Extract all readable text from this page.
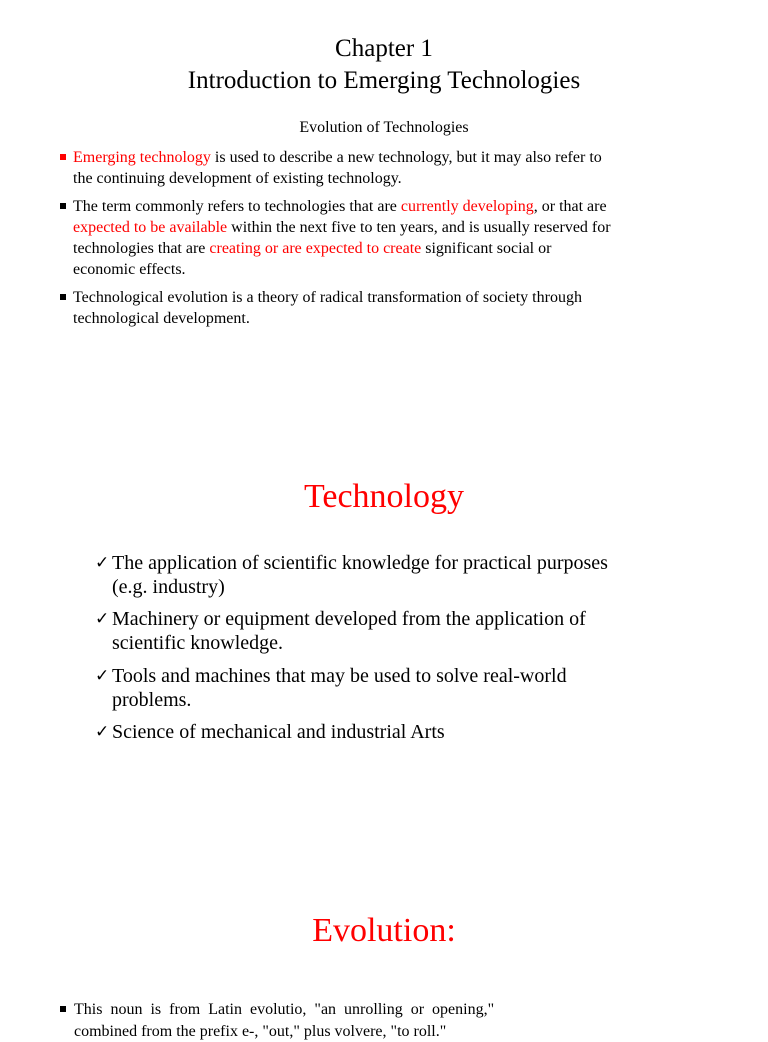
Chapter 1
Introduction to Emerging Technologies
Evolution of Technologies
Emerging technology is used to describe a new technology, but it may also refer to
the continuing development of existing technology.
The term commonly refers to technologies that are currently developing, or that are
expected to be available within the next five to ten years, and is usually reserved for
technologies that are creating or are expected to create significant social or
economic effects.
Technological evolution is a theory of radical transformation of society through
technological development.
Technology
✓ The application of scientific knowledge for practical purposes
(e.g. industry)
✓ Machinery or equipment developed from the application of
scientific knowledge.
✓ Tools and machines that may be used to solve real-world
problems.
✓ Science of mechanical and industrial Arts
Evolution:
This noun is from Latin evolutio, "an unrolling or opening,"
combined from the prefix e-, "out," plus volvere, "to roll."
